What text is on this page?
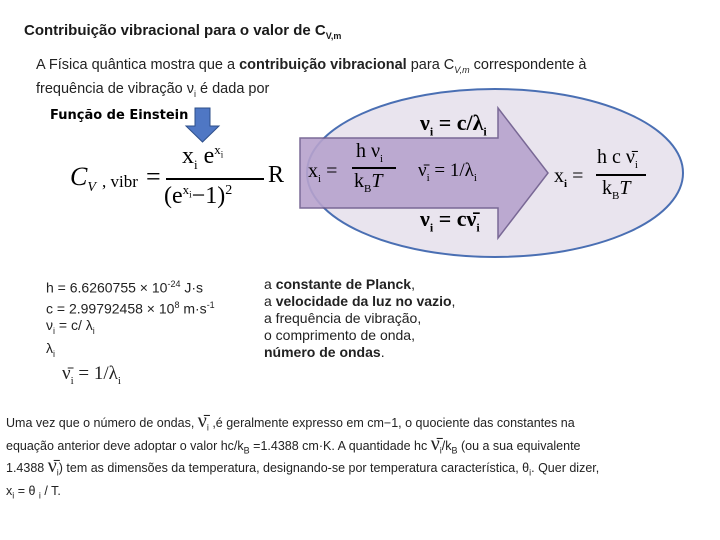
Contribuição vibracional para o valor de $C_{V,m}$
A Física quântica mostra que a contribuição vibracional para $C_{V,m}$ correspondente à
frequência de vibração $\nu_i$ é dada por
Função de Einstein
$C_V$ , vibr =
$x_i$ $e^{x_i}$
$(e^{x_i}-1)^2$
R $x_i$ =
h $\nu_i$
$k_BT$
$\nu_i = c/\lambda_i$
$\nū_i = 1/\lambda_i$
$\nu_i$ = $c\nū_i$
$x_i$ =
h c $\nū_i$
$k_BT$
$h = 6.6260755 \times 10^{-24}$ J·s
$c = 2.99792458 \times 10^8$ $m\cdot s^{-1}$
$\nu_i = c/$ $\lambda_i$
$\lambda_i$
$\nū_i = 1/\lambda_i$
a constante de Planck,
a velocidade da luz no vazio,
a frequência de vibração,
o comprimento de onda,
número de ondas.
Uma vez que o número de ondas, $\nū_i$ ,é geralmente expresso em cm−1, o quociente das constantes na
equação anterior deve adoptar o valor $hc/k_B =1.4388$ cm·K. A quantidade hc $\nū_i/k_B$ (ou a sua equivalente
1.4388 $\nū_i$) tem as dimensões da temperatura, designando-se por temperatura característica, $\theta_i$. Quer dizer,
$x_i = \theta$ $_i$ / T.
